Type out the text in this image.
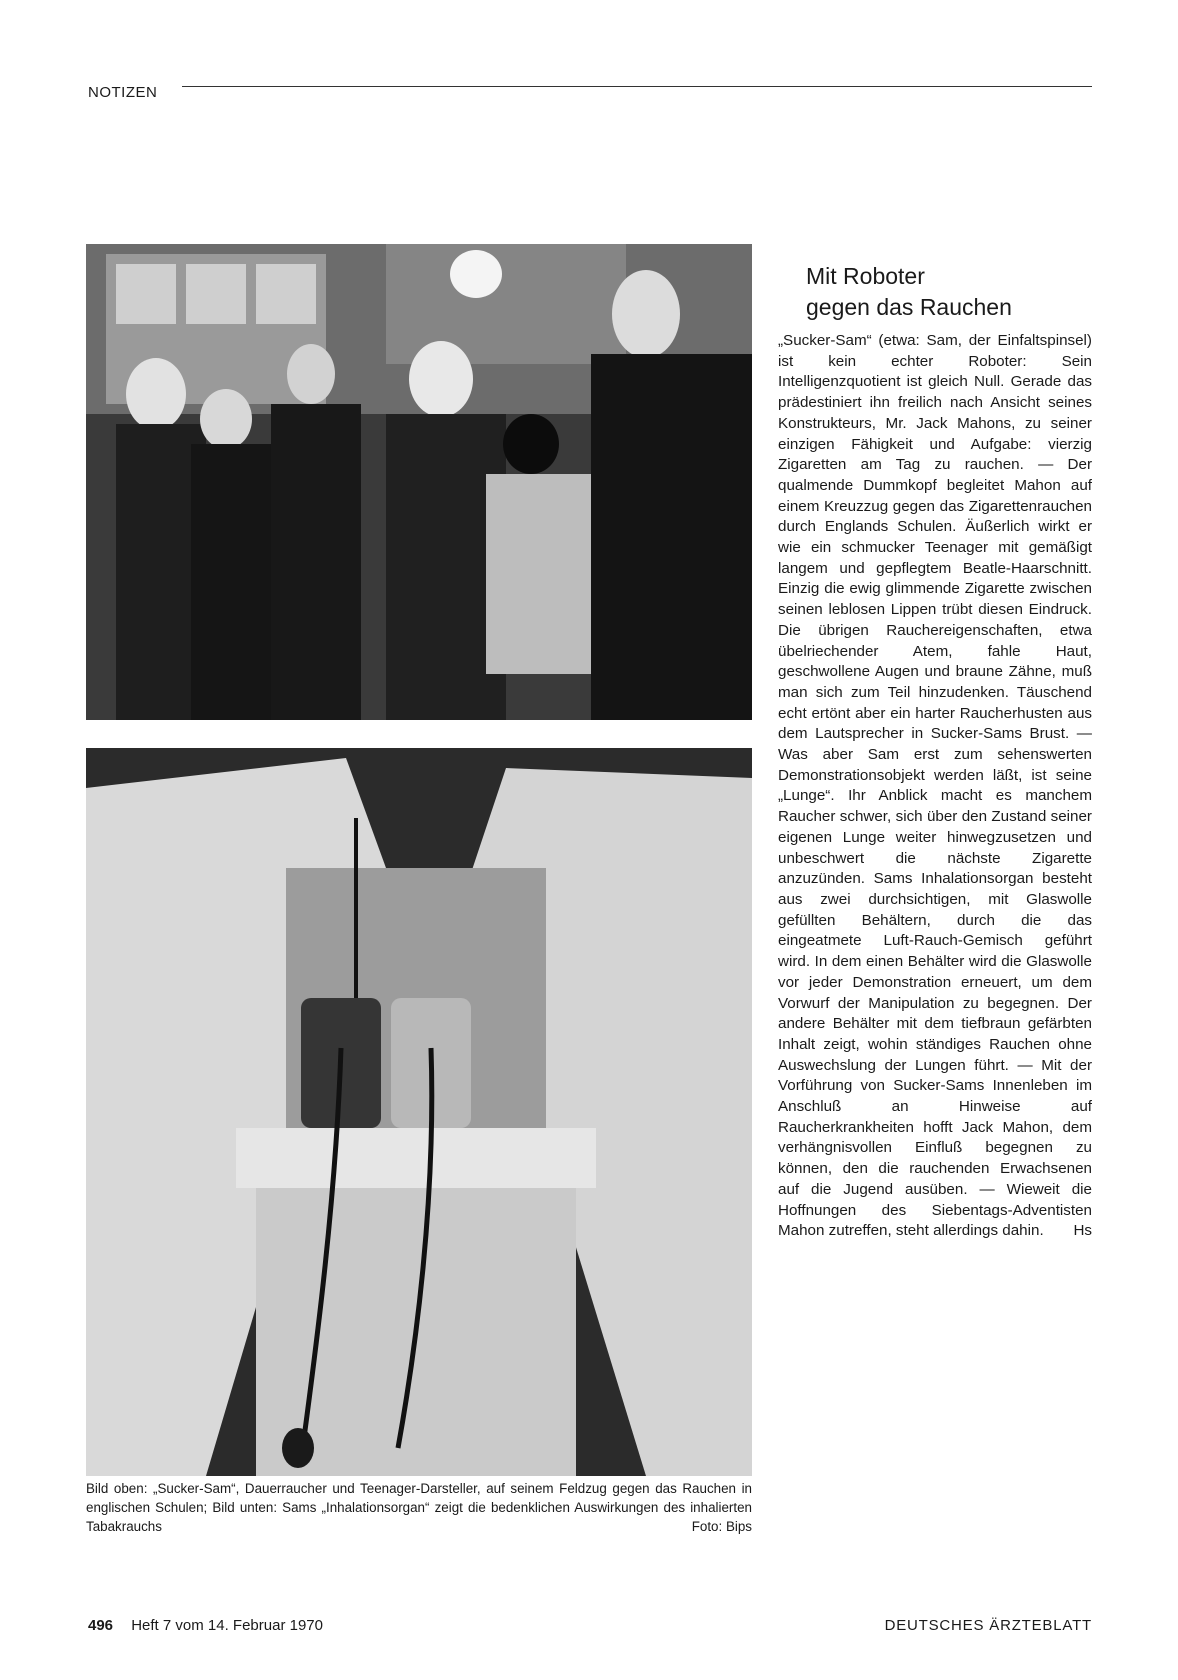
NOTIZEN
Bild oben: „Sucker-Sam“, Dauerraucher und Teenager-Darsteller, auf seinem Feldzug gegen das Rauchen in englischen Schulen; Bild unten: Sams „Inhalationsorgan“ zeigt die bedenklichen Auswirkungen des inhalierten Tabakrauchs	Foto: Bips
Mit Roboter
gegen das Rauchen

„Sucker-Sam“ (etwa: Sam, der Einfaltspinsel) ist kein echter Roboter: Sein Intelligenzquotient ist gleich Null. Gerade das prädestiniert ihn freilich nach Ansicht seines Konstrukteurs, Mr. Jack Mahons, zu seiner einzigen Fähigkeit und Aufgabe: vierzig Zigaretten am Tag zu rauchen. — Der qualmende Dummkopf begleitet Mahon auf einem Kreuzzug gegen das Zigarettenrauchen durch Englands Schulen. Äußerlich wirkt er wie ein schmucker Teenager mit gemäßigt langem und gepflegtem Beatle-Haarschnitt. Einzig die ewig glimmende Zigarette zwischen seinen leblosen Lippen trübt diesen Eindruck. Die übrigen Rauchereigenschaften, etwa übelriechender Atem, fahle Haut, geschwollene Augen und braune Zähne, muß man sich zum Teil hinzudenken. Täuschend echt ertönt aber ein harter Raucherhusten aus dem Lautsprecher in Sucker-Sams Brust. — Was aber Sam erst zum sehenswerten Demonstrationsobjekt werden läßt, ist seine „Lunge“. Ihr Anblick macht es manchem Raucher schwer, sich über den Zustand seiner eigenen Lunge weiter hinwegzusetzen und unbeschwert die nächste Zigarette anzuzünden. Sams Inhalationsorgan besteht aus zwei durchsichtigen, mit Glaswolle gefüllten Behältern, durch die das eingeatmete Luft-Rauch-Gemisch geführt wird. In dem einen Behälter wird die Glaswolle vor jeder Demonstration erneuert, um dem Vorwurf der Manipulation zu begegnen. Der andere Behälter mit dem tiefbraun gefärbten Inhalt zeigt, wohin ständiges Rauchen ohne Auswechslung der Lungen führt. — Mit der Vorführung von Sucker-Sams Innenleben im Anschluß an Hinweise auf Raucherkrankheiten hofft Jack Mahon, dem verhängnisvollen Einfluß begegnen zu können, den die rauchenden Erwachsenen auf die Jugend ausüben. — Wieweit die Hoffnungen des Siebentags-Adventisten Mahon zutreffen, steht allerdings dahin. Hs

496 Heft 7 vom 14. Februar 1970	DEUTSCHES ÄRZTEBLATT
